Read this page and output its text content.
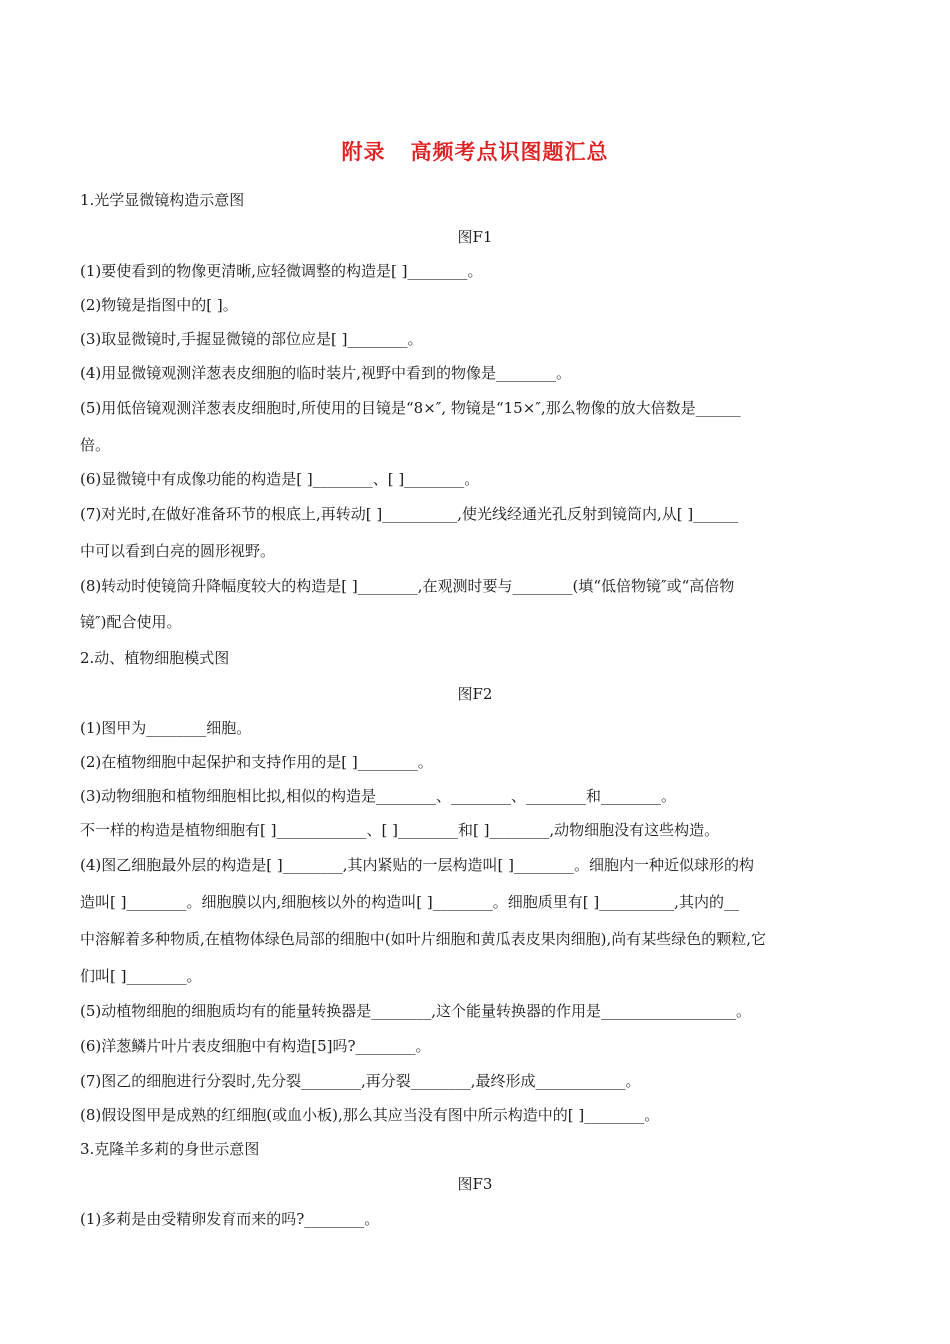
附录   高频考点识图题汇总
1.光学显微镜构造示意图
图F1
(1)要使看到的物像更清晰,应轻微调整的构造是[ ]________。
(2)物镜是指图中的[ ]。
(3)取显微镜时,手握显微镜的部位应是[ ]________。
(4)用显微镜观测洋葱表皮细胞的临时装片,视野中看到的物像是________。
(5)用低倍镜观测洋葱表皮细胞时,所使用的目镜是“8×″, 物镜是“15×″,那么物像的放大倍数是______
倍。
(6)显微镜中有成像功能的构造是[ ]________、[ ]________。
(7)对光时,在做好准备环节的根底上,再转动[ ]__________,使光线经通光孔反射到镜筒内,从[ ]______
中可以看到白亮的圆形视野。
(8)转动时使镜筒升降幅度较大的构造是[ ]________,在观测时要与________(填“低倍物镜″或“高倍物
镜″)配合使用。
2.动、植物细胞模式图
图F2
(1)图甲为________细胞。
(2)在植物细胞中起保护和支持作用的是[ ]________。
(3)动物细胞和植物细胞相比拟,相似的构造是________、________、________和________。
不一样的构造是植物细胞有[ ]____________、[ ]________和[ ]________,动物细胞没有这些构造。
(4)图乙细胞最外层的构造是[ ]________,其内紧贴的一层构造叫[ ]________。细胞内一种近似球形的构
造叫[ ]________。细胞膜以内,细胞核以外的构造叫[ ]________。细胞质里有[ ]__________,其内的__
中溶解着多种物质,在植物体绿色局部的细胞中(如叶片细胞和黄瓜表皮果肉细胞),尚有某些绿色的颗粒,它
们叫[ ]________。
(5)动植物细胞的细胞质均有的能量转换器是________,这个能量转换器的作用是__________________。
(6)洋葱鳞片叶片表皮细胞中有构造[5]吗?________。
(7)图乙的细胞进行分裂时,先分裂________,再分裂________,最终形成____________。
(8)假设图甲是成熟的红细胞(或血小板),那么其应当没有图中所示构造中的[ ]________。
3.克隆羊多莉的身世示意图
图F3
(1)多莉是由受精卵发育而来的吗?________。
